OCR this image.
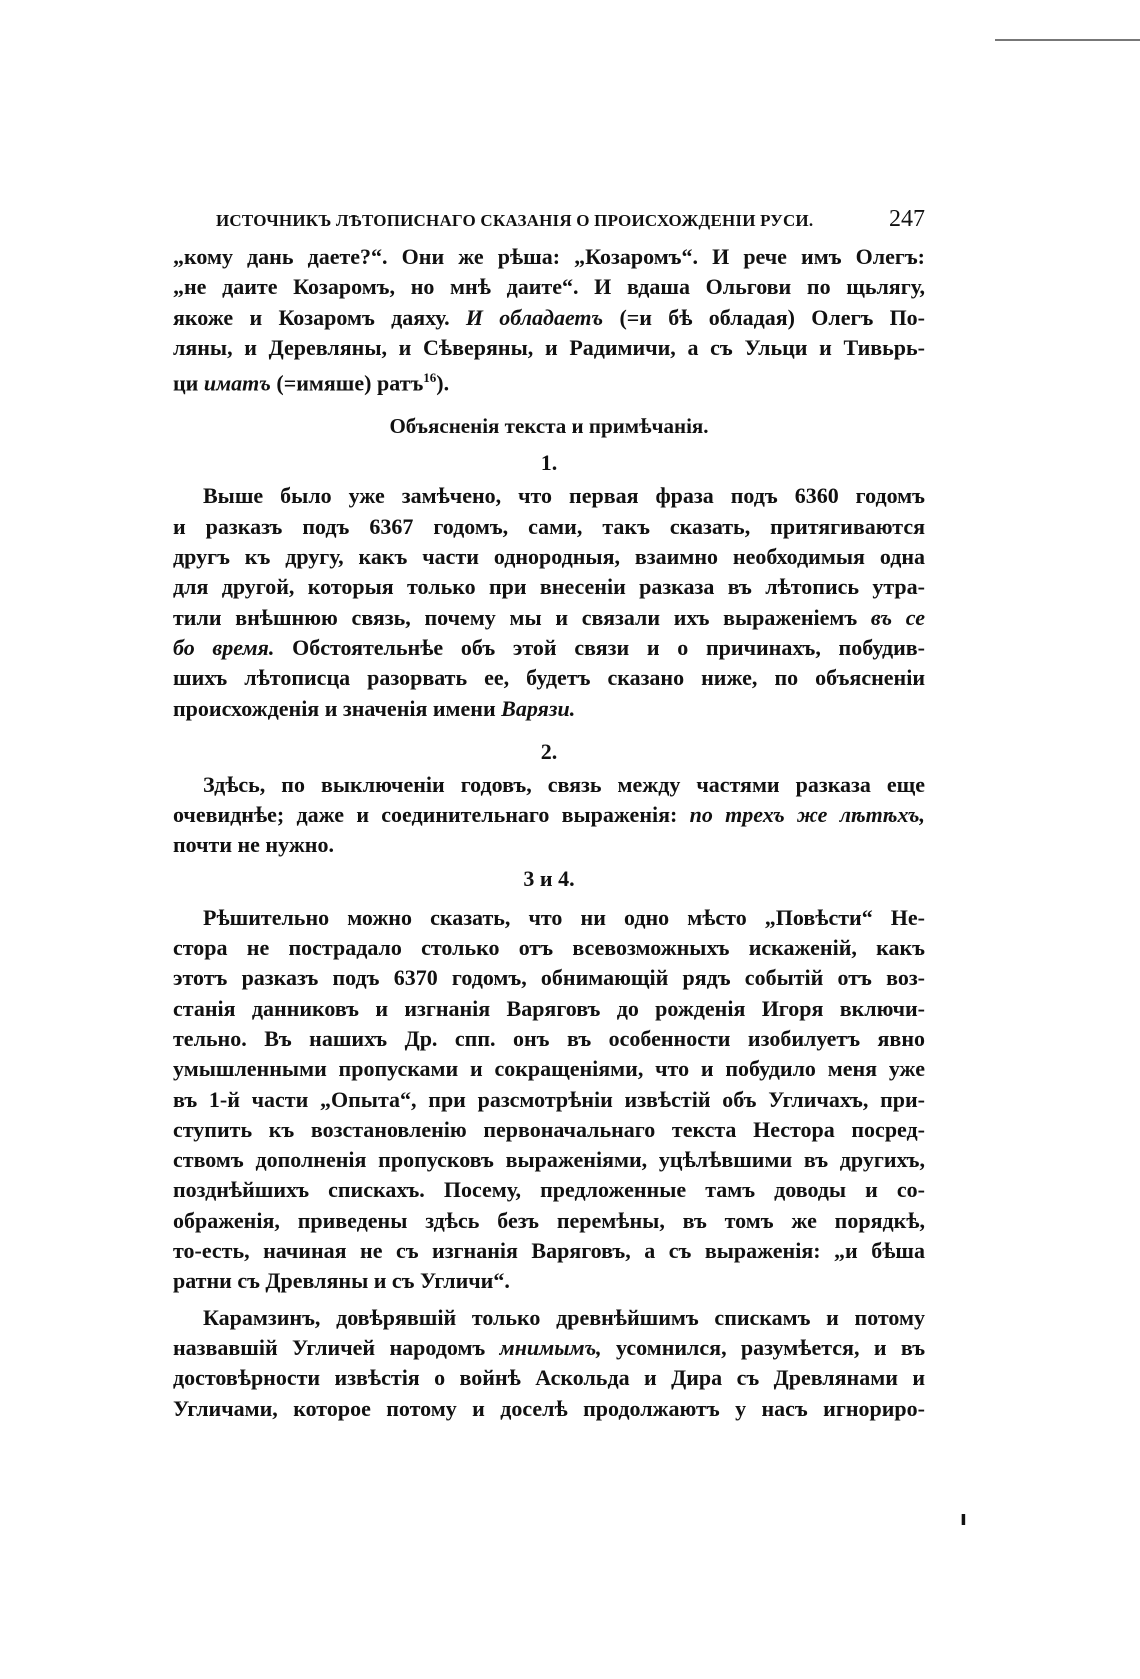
ИСТОЧНИКЪ ЛѢТОПИСНАГО СКАЗАНІЯ О ПРОИСХОЖДЕНІИ РУСИ.	247
„кому дань даете?“. Они же рѣша: „Козаромъ“. И рече имъ Олегъ:
„не даите Козаромъ, но мнѣ даите“. И вдаша Ольгови по щьлягу,
якоже и Козаромъ даяху. И обладаетъ (=и бѣ обладая) Олегъ По-
ляны, и Деревляны, и Сѣверяны, и Радимичи, а съ Ульци и Тивьрь-
ци иматъ (=имяше) ратъ$^{16}$).
Объясненія текста и примѣчанія.
1.
Выше было уже замѣчено, что первая фраза подъ 6360 годомъ
и разказъ подъ 6367 годомъ, сами, такъ сказать, притягиваются
другъ къ другу, какъ части однородныя, взаимно необходимыя одна
для другой, которыя только при внесеніи разказа въ лѣтопись утра-
тили внѣшнюю связь, почему мы и связали ихъ выраженіемъ въ се
бо время. Обстоятельнѣе объ этой связи и о причинахъ, побудив-
шихъ лѣтописца разорвать ее, будетъ сказано ниже, по объясненіи
происхожденія и значенія имени Варязи.
2.
Здѣсь, по выключеніи годовъ, связь между частями разказа еще
очевиднѣе; даже и соединительнаго выраженія: по трехъ же лѣтѣхъ,
почти не нужно.
3 и 4.
Рѣшительно можно сказать, что ни одно мѣсто „Повѣсти“ Не-
стора не пострадало столько отъ всевозможныхъ искаженій, какъ
этотъ разказъ подъ 6370 годомъ, обнимающій рядъ событій отъ воз-
станія данниковъ и изгнанія Варяговъ до рожденія Игоря включи-
тельно. Въ нашихъ Др. спп. онъ въ особенности изобилуетъ явно
умышленными пропусками и сокращеніями, что и побудило меня уже
въ 1-й части „Опыта“, при разсмотрѣніи извѣстій объ Угличахъ, при-
ступить къ возстановленію первоначальнаго текста Нестора посред-
ствомъ дополненія пропусковъ выраженіями, уцѣлѣвшими въ другихъ,
позднѣйшихъ спискахъ. Посему, предложенные тамъ доводы и со-
ображенія, приведены здѣсь безъ перемѣны, въ томъ же порядкѣ,
то-есть, начиная не съ изгнанія Варяговъ, а съ выраженія: „и бѣша
ратни съ Древляны и съ Угличи“.
Карамзинъ, довѣрявшій только древнѣйшимъ спискамъ и потому
назвавшій Угличей народомъ мнимымъ, усомнился, разумѣется, и въ
достовѣрности извѣстія о войнѣ Аскольда и Дира съ Древлянами и
Угличами, которое потому и доселѣ продолжаютъ у насъ игнориро-
ı
